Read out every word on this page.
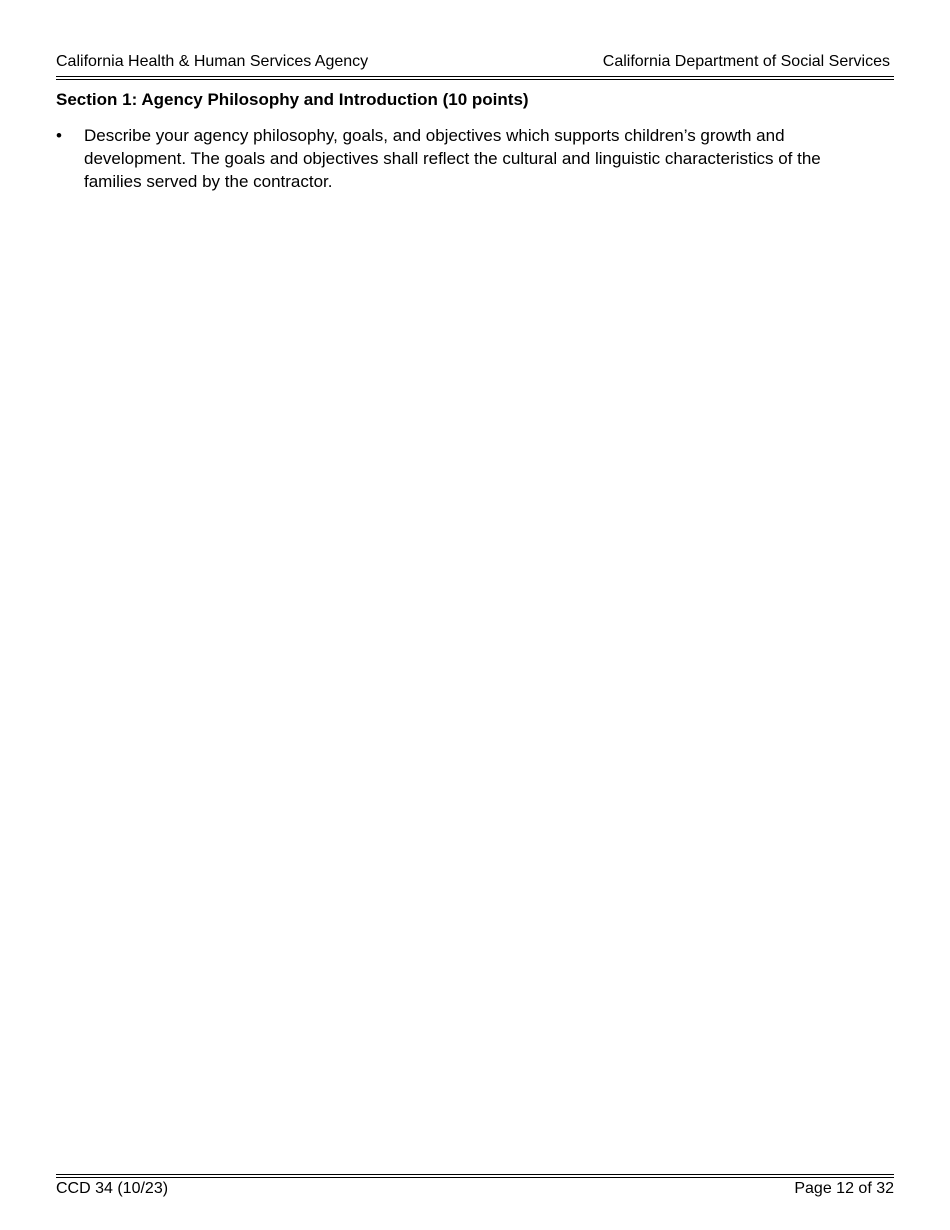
California Health & Human Services Agency	California Department of Social Services
Section 1: Agency Philosophy and Introduction (10 points)
• Describe your agency philosophy, goals, and objectives which supports children’s growth and development. The goals and objectives shall reflect the cultural and linguistic characteristics of the families served by the contractor.
CCD 34 (10/23)	Page 12 of 32
